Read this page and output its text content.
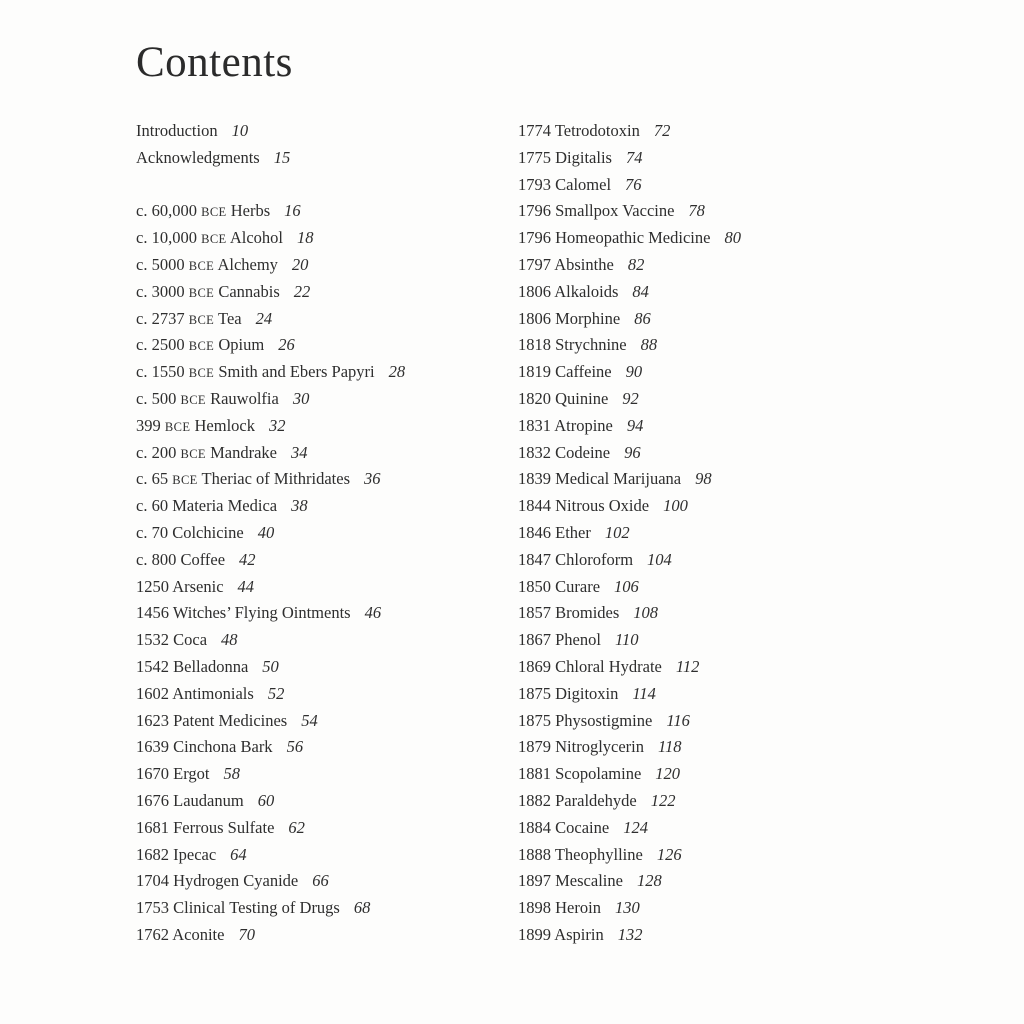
Contents
Introduction 10
Acknowledgments 15
c. 60,000 BCE Herbs 16
c. 10,000 BCE Alcohol 18
c. 5000 BCE Alchemy 20
c. 3000 BCE Cannabis 22
c. 2737 BCE Tea 24
c. 2500 BCE Opium 26
c. 1550 BCE Smith and Ebers Papyri 28
c. 500 BCE Rauwolfia 30
399 BCE Hemlock 32
c. 200 BCE Mandrake 34
c. 65 BCE Theriac of Mithridates 36
c. 60 Materia Medica 38
c. 70 Colchicine 40
c. 800 Coffee 42
1250 Arsenic 44
1456 Witches’ Flying Ointments 46
1532 Coca 48
1542 Belladonna 50
1602 Antimonials 52
1623 Patent Medicines 54
1639 Cinchona Bark 56
1670 Ergot 58
1676 Laudanum 60
1681 Ferrous Sulfate 62
1682 Ipecac 64
1704 Hydrogen Cyanide 66
1753 Clinical Testing of Drugs 68
1762 Aconite 70
1774 Tetrodotoxin 72
1775 Digitalis 74
1793 Calomel 76
1796 Smallpox Vaccine 78
1796 Homeopathic Medicine 80
1797 Absinthe 82
1806 Alkaloids 84
1806 Morphine 86
1818 Strychnine 88
1819 Caffeine 90
1820 Quinine 92
1831 Atropine 94
1832 Codeine 96
1839 Medical Marijuana 98
1844 Nitrous Oxide 100
1846 Ether 102
1847 Chloroform 104
1850 Curare 106
1857 Bromides 108
1867 Phenol 110
1869 Chloral Hydrate 112
1875 Digitoxin 114
1875 Physostigmine 116
1879 Nitroglycerin 118
1881 Scopolamine 120
1882 Paraldehyde 122
1884 Cocaine 124
1888 Theophylline 126
1897 Mescaline 128
1898 Heroin 130
1899 Aspirin 132
